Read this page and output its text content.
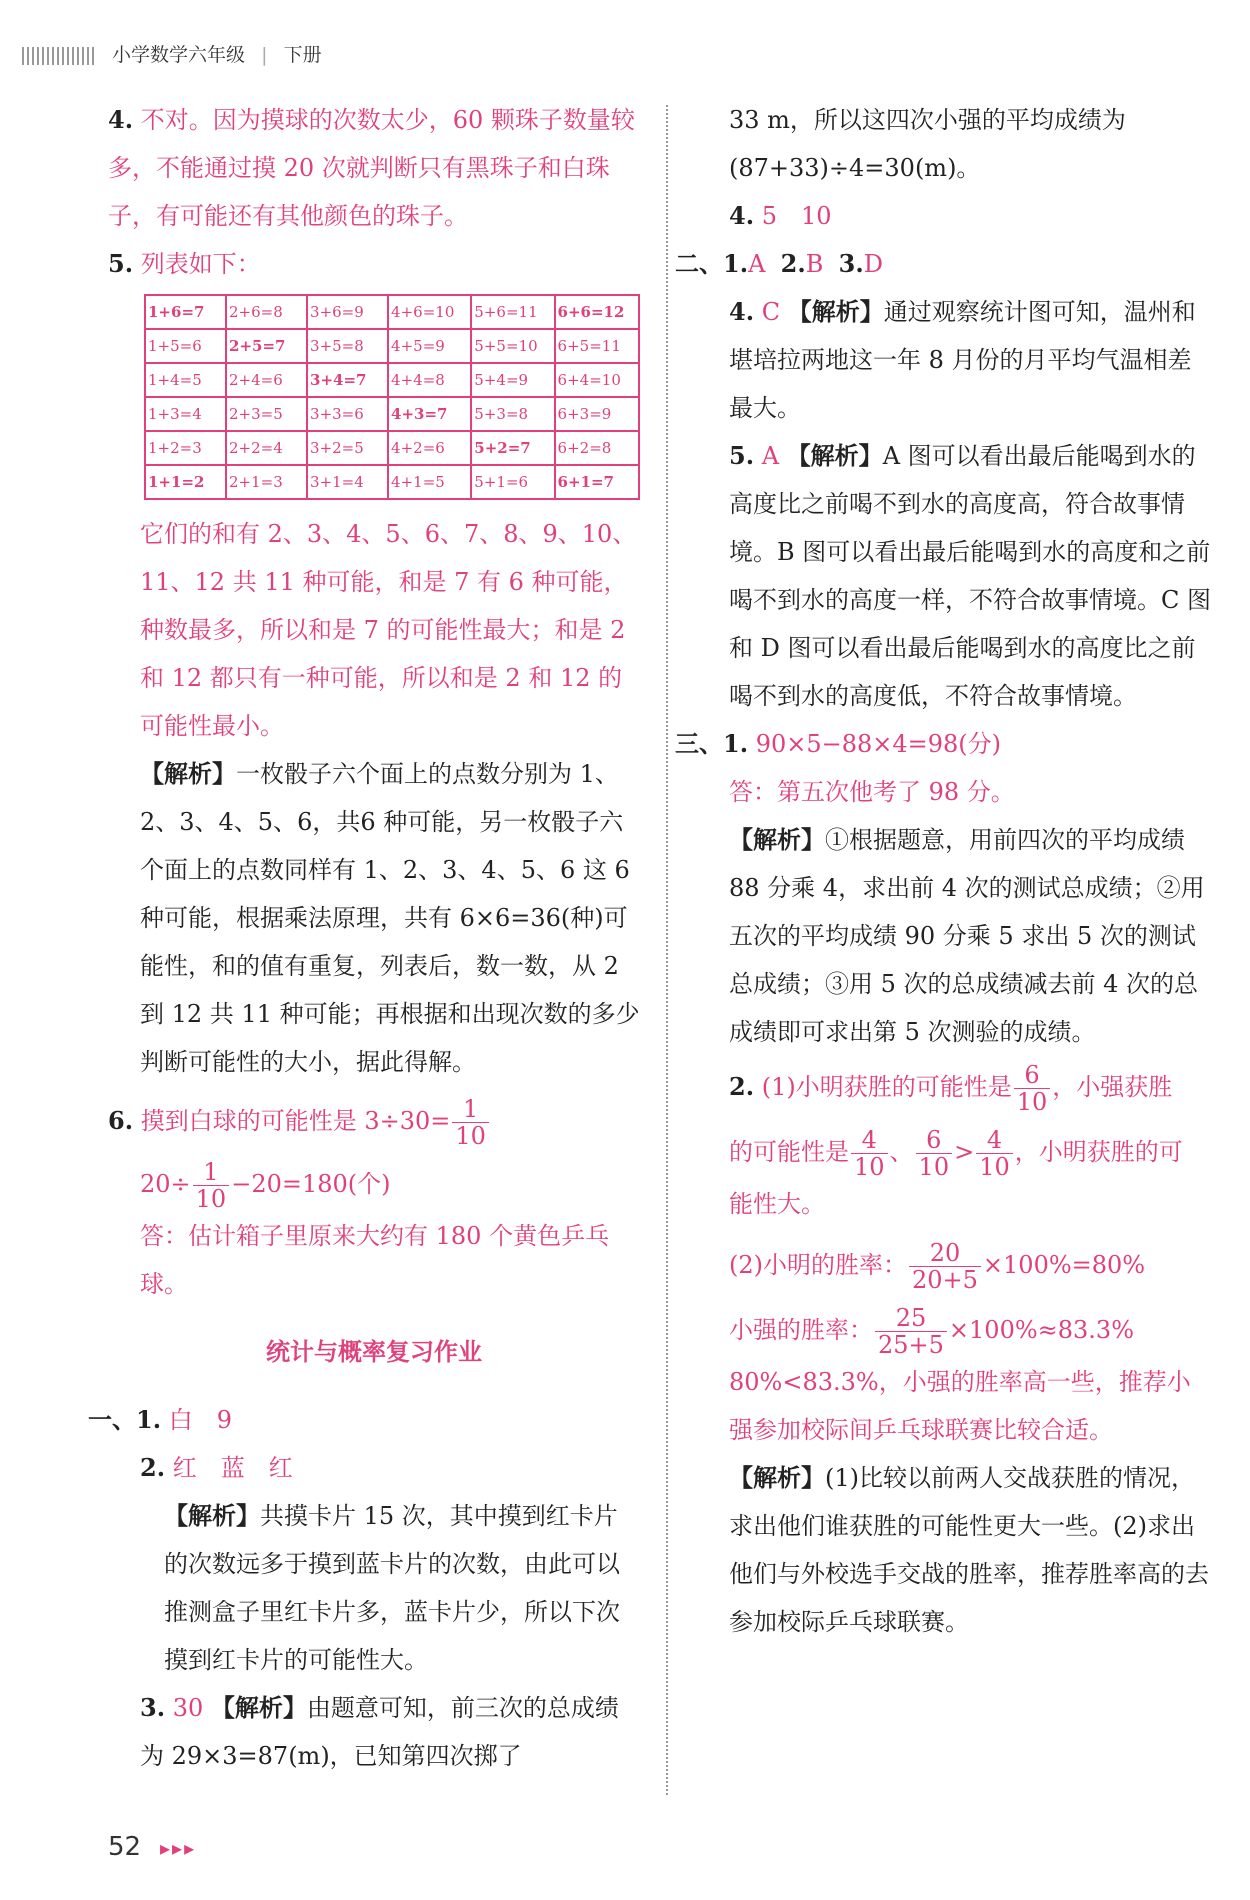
小学数学六年级 | 下册

4. 不对。因为摸球的次数太少，60 颗珠子数量较多，不能通过摸 20 次就判断只有黑珠子和白珠子，有可能还有其他颜色的珠子。

5. 列表如下：

1+6=7	2+6=8	3+6=9	4+6=10	5+6=11	6+6=12
1+5=6	2+5=7	3+5=8	4+5=9	5+5=10	6+5=11
1+4=5	2+4=6	3+4=7	4+4=8	5+4=9	6+4=10
1+3=4	2+3=5	3+3=6	4+3=7	5+3=8	6+3=9
1+2=3	2+2=4	3+2=5	4+2=6	5+2=7	6+2=8
1+1=2	2+1=3	3+1=4	4+1=5	5+1=6	6+1=7

它们的和有 2、3、4、5、6、7、8、9、10、11、12 共 11 种可能，和是 7 有 6 种可能，种数最多，所以和是 7 的可能性最大；和是 2 和 12 都只有一种可能，所以和是 2 和 12 的可能性最小。

【解析】一枚骰子六个面上的点数分别为 1、2、3、4、5、6，共6 种可能，另一枚骰子六个面上的点数同样有 1、2、3、4、5、6 这 6 种可能，根据乘法原理，共有 6×6=36(种)可能性，和的值有重复，列表后，数一数，从 2 到 12 共 11 种可能；再根据和出现次数的多少判断可能性的大小，据此得解。

6. 摸到白球的可能性是 $3\div 30= \frac{1}{10}$

$20\div \frac{1}{10} -20=180$(个)

答：估计箱子里原来大约有 180 个黄色乒乓球。

统计与概率复习作业

一、1. 白　9

2. 红　蓝　红

【解析】共摸卡片 15 次，其中摸到红卡片的次数远多于摸到蓝卡片的次数，由此可以推测盒子里红卡片多，蓝卡片少，所以下次摸到红卡片的可能性大。

3. 30 【解析】由题意可知，前三次的总成绩为 29×3=87(m)，已知第四次掷了

33 m，所以这四次小强的平均成绩为(87+33)÷4=30(m)。

4. 5　10

二、1.A 2.B 3.D

4. C 【解析】通过观察统计图可知，温州和堪培拉两地这一年 8 月份的月平均气温相差最大。

5. A 【解析】A 图可以看出最后能喝到水的高度比之前喝不到水的高度高，符合故事情境。B 图可以看出最后能喝到水的高度和之前喝不到水的高度一样，不符合故事情境。C 图和 D 图可以看出最后能喝到水的高度比之前喝不到水的高度低，不符合故事情境。

三、1. 90×5−88×4=98(分)

答：第五次他考了 98 分。

【解析】①根据题意，用前四次的平均成绩 88 分乘 4，求出前 4 次的测试总成绩；②用五次的平均成绩 90 分乘 5 求出 5 次的测试总成绩；③用 5 次的总成绩减去前 4 次的总成绩即可求出第 5 次测验的成绩。

2. (1)小明获胜的可能性是 $\frac{6}{10}$ ，小强获胜

的可能性是 $\frac{4}{10}$ 、 $\frac{6}{10} > \frac{4}{10}$ ，小明获胜的可

能性大。

(2)小明的胜率： $\frac{20}{20+5} \times 100\%=80\%$

小强的胜率： $\frac{25}{25+5} \times 100\%\approx 83.3\%$

80%<83.3%，小强的胜率高一些，推荐小强参加校际间乒乓球联赛比较合适。

【解析】(1)比较以前两人交战获胜的情况，求出他们谁获胜的可能性更大一些。(2)求出他们与外校选手交战的胜率，推荐胜率高的去参加校际乒乓球联赛。

52 ▸▸▸
